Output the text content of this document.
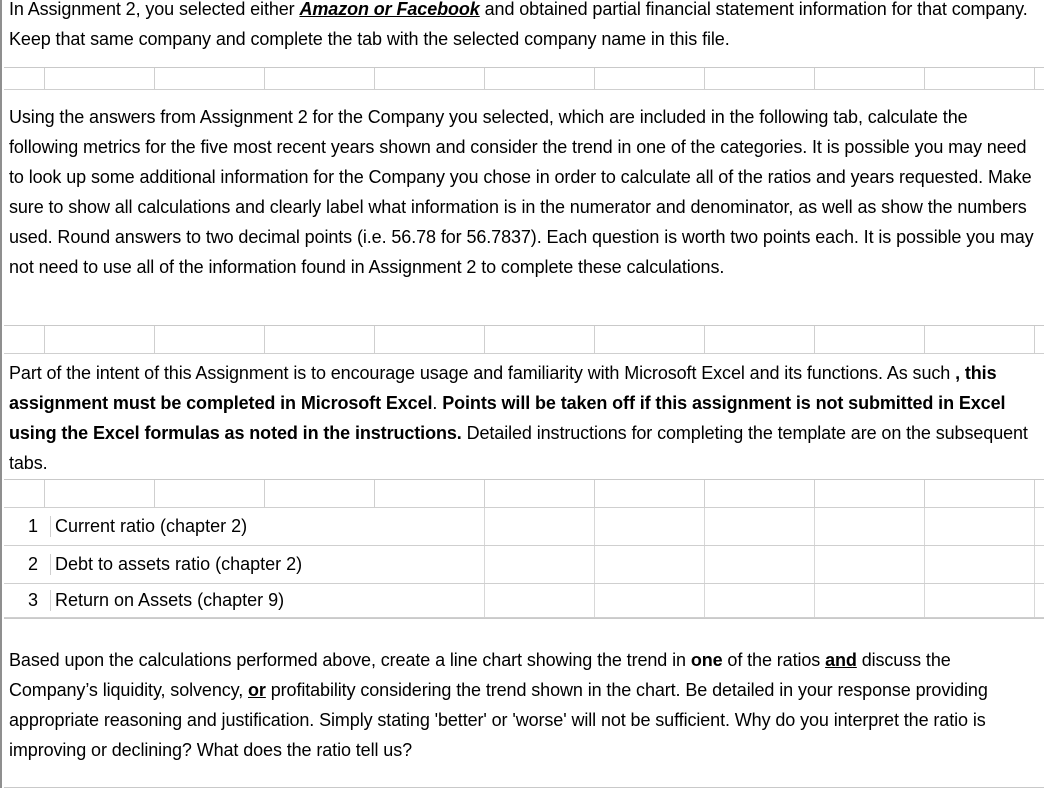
In Assignment 2, you selected either Amazon or Facebook and obtained partial financial statement information for that company. Keep that same company and complete the tab with the selected company name in this file.
Using the answers from Assignment 2 for the Company you selected, which are included in the following tab, calculate the following metrics for the five most recent years shown and consider the trend in one of the categories. It is possible you may need to look up some additional information for the Company you chose in order to calculate all of the ratios and years requested. Make sure to show all calculations and clearly label what information is in the numerator and denominator, as well as show the numbers used. Round answers to two decimal points (i.e. 56.78 for 56.7837). Each question is worth two points each. It is possible you may not need to use all of the information found in Assignment 2 to complete these calculations.
Part of the intent of this Assignment is to encourage usage and familiarity with Microsoft Excel and its functions. As such , this assignment must be completed in Microsoft Excel. Points will be taken off if this assignment is not submitted in Excel using the Excel formulas as noted in the instructions. Detailed instructions for completing the template are on the subsequent tabs.
1 Current ratio (chapter 2)
2 Debt to assets ratio (chapter 2)
3 Return on Assets (chapter 9)
Based upon the calculations performed above, create a line chart showing the trend in one of the ratios and discuss the Company’s liquidity, solvency, or profitability considering the trend shown in the chart. Be detailed in your response providing appropriate reasoning and justification. Simply stating 'better' or 'worse' will not be sufficient. Why do you interpret the ratio is improving or declining? What does the ratio tell us?
